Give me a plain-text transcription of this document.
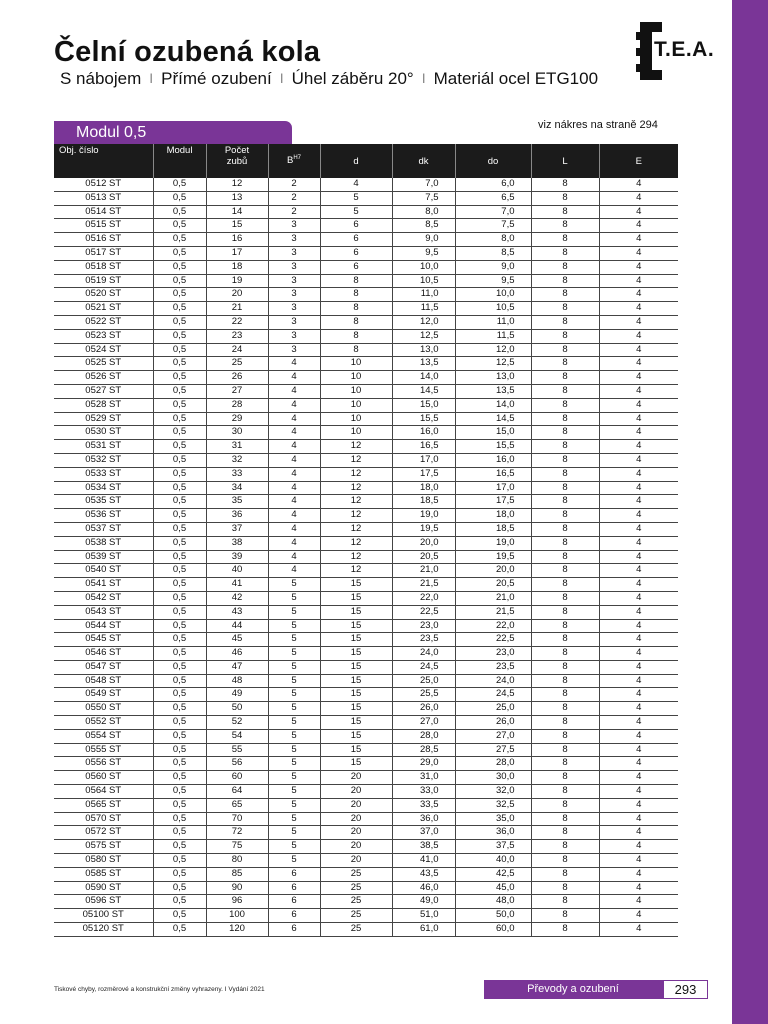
Čelní ozubená kola
S nábojem I Přímé ozubení I Úhel záběru 20° I Materiál ocel ETG100
T.E.A.
Modul 0,5	viz nákres na straně 294
Obj. číslo	Modul	Počet
zubů	$B^{H7}$	d	dk	do	L	E
0512 ST	0,5	12	2	4	7,0	6,0	8	4
0513 ST	0,5	13	2	5	7,5	6,5	8	4
0514 ST	0,5	14	2	5	8,0	7,0	8	4
0515 ST	0,5	15	3	6	8,5	7,5	8	4
0516 ST	0,5	16	3	6	9,0	8,0	8	4
0517 ST	0,5	17	3	6	9,5	8,5	8	4
0518 ST	0,5	18	3	6	10,0	9,0	8	4
0519 ST	0,5	19	3	8	10,5	9,5	8	4
0520 ST	0,5	20	3	8	11,0	10,0	8	4
0521 ST	0,5	21	3	8	11,5	10,5	8	4
0522 ST	0,5	22	3	8	12,0	11,0	8	4
0523 ST	0,5	23	3	8	12,5	11,5	8	4
0524 ST	0,5	24	3	8	13,0	12,0	8	4
0525 ST	0,5	25	4	10	13,5	12,5	8	4
0526 ST	0,5	26	4	10	14,0	13,0	8	4
0527 ST	0,5	27	4	10	14,5	13,5	8	4
0528 ST	0,5	28	4	10	15,0	14,0	8	4
0529 ST	0,5	29	4	10	15,5	14,5	8	4
0530 ST	0,5	30	4	10	16,0	15,0	8	4
0531 ST	0,5	31	4	12	16,5	15,5	8	4
0532 ST	0,5	32	4	12	17,0	16,0	8	4
0533 ST	0,5	33	4	12	17,5	16,5	8	4
0534 ST	0,5	34	4	12	18,0	17,0	8	4
0535 ST	0,5	35	4	12	18,5	17,5	8	4
0536 ST	0,5	36	4	12	19,0	18,0	8	4
0537 ST	0,5	37	4	12	19,5	18,5	8	4
0538 ST	0,5	38	4	12	20,0	19,0	8	4
0539 ST	0,5	39	4	12	20,5	19,5	8	4
0540 ST	0,5	40	4	12	21,0	20,0	8	4
0541 ST	0,5	41	5	15	21,5	20,5	8	4
0542 ST	0,5	42	5	15	22,0	21,0	8	4
0543 ST	0,5	43	5	15	22,5	21,5	8	4
0544 ST	0,5	44	5	15	23,0	22,0	8	4
0545 ST	0,5	45	5	15	23,5	22,5	8	4
0546 ST	0,5	46	5	15	24,0	23,0	8	4
0547 ST	0,5	47	5	15	24,5	23,5	8	4
0548 ST	0,5	48	5	15	25,0	24,0	8	4
0549 ST	0,5	49	5	15	25,5	24,5	8	4
0550 ST	0,5	50	5	15	26,0	25,0	8	4
0552 ST	0,5	52	5	15	27,0	26,0	8	4
0554 ST	0,5	54	5	15	28,0	27,0	8	4
0555 ST	0,5	55	5	15	28,5	27,5	8	4
0556 ST	0,5	56	5	15	29,0	28,0	8	4
0560 ST	0,5	60	5	20	31,0	30,0	8	4
0564 ST	0,5	64	5	20	33,0	32,0	8	4
0565 ST	0,5	65	5	20	33,5	32,5	8	4
0570 ST	0,5	70	5	20	36,0	35,0	8	4
0572 ST	0,5	72	5	20	37,0	36,0	8	4
0575 ST	0,5	75	5	20	38,5	37,5	8	4
0580 ST	0,5	80	5	20	41,0	40,0	8	4
0585 ST	0,5	85	6	25	43,5	42,5	8	4
0590 ST	0,5	90	6	25	46,0	45,0	8	4
0596 ST	0,5	96	6	25	49,0	48,0	8	4
05100 ST	0,5	100	6	25	51,0	50,0	8	4
05120 ST	0,5	120	6	25	61,0	60,0	8	4
Tiskové chyby, rozměrové a konstrukční změny vyhrazeny. I Vydání 2021	Převody a ozubení	293
